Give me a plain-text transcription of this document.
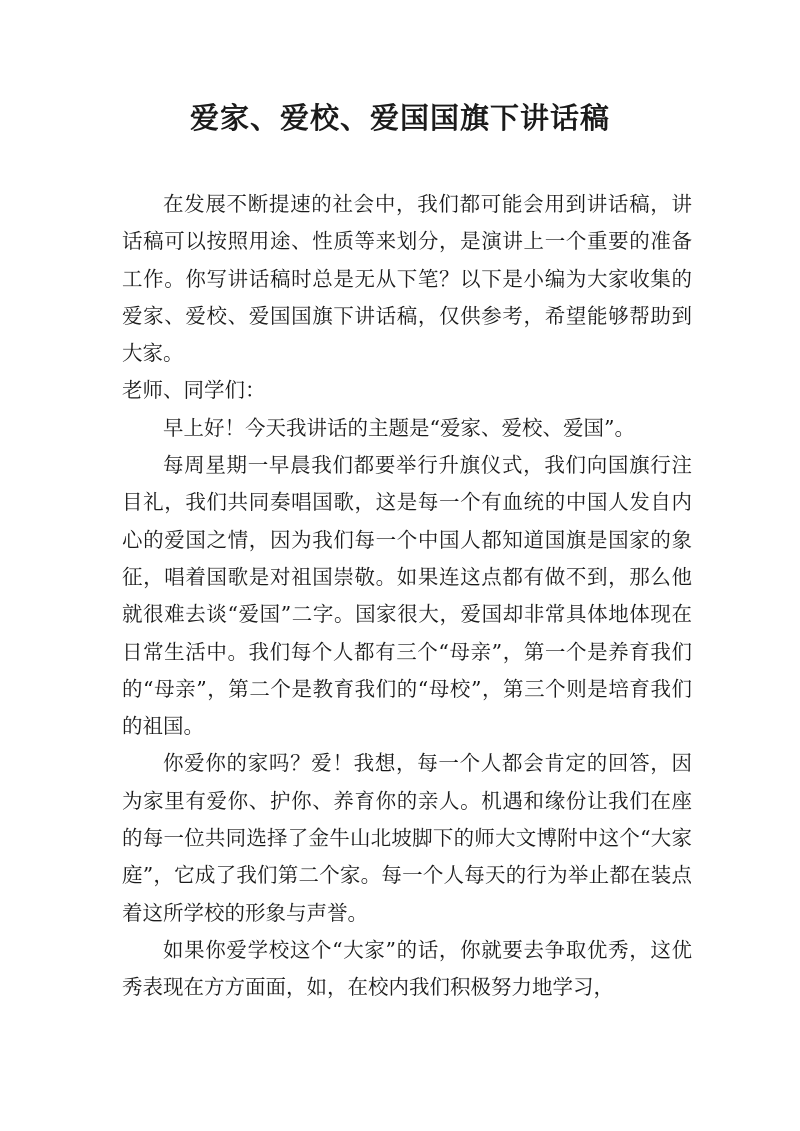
爱家、爱校、爱国国旗下讲话稿

在发展不断提速的社会中，我们都可能会用到讲话稿，讲话稿可以按照用途、性质等来划分，是演讲上一个重要的准备工作。你写讲话稿时总是无从下笔？以下是小编为大家收集的爱家、爱校、爱国国旗下讲话稿，仅供参考，希望能够帮助到大家。

老师、同学们：

早上好！今天我讲话的主题是“爱家、爱校、爱国”。

每周星期一早晨我们都要举行升旗仪式，我们向国旗行注目礼，我们共同奏唱国歌，这是每一个有血统的中国人发自内心的爱国之情，因为我们每一个中国人都知道国旗是国家的象征，唱着国歌是对祖国崇敬。如果连这点都有做不到，那么他就很难去谈“爱国”二字。国家很大，爱国却非常具体地体现在日常生活中。我们每个人都有三个“母亲”，第一个是养育我们的“母亲”，第二个是教育我们的“母校”，第三个则是培育我们的祖国。

你爱你的家吗？爱！我想，每一个人都会肯定的回答，因为家里有爱你、护你、养育你的亲人。机遇和缘份让我们在座的每一位共同选择了金牛山北坡脚下的师大文博附中这个“大家庭”，它成了我们第二个家。每一个人每天的行为举止都在装点着这所学校的形象与声誉。

如果你爱学校这个“大家”的话，你就要去争取优秀，这优秀表现在方方面面，如，在校内我们积极努力地学习，
